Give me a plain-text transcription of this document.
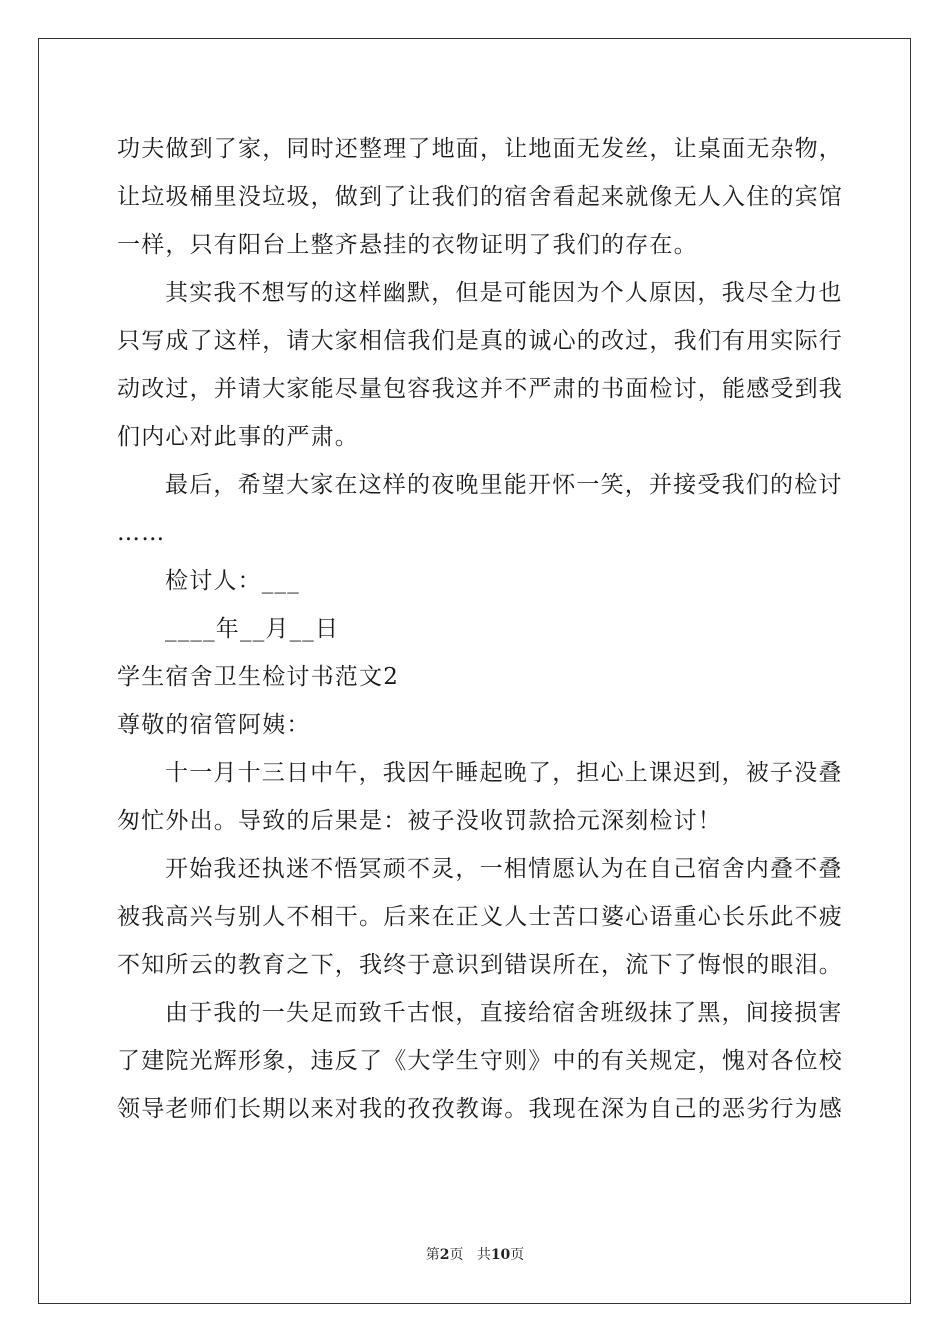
功夫做到了家，同时还整理了地面，让地面无发丝，让桌面无杂物，
让垃圾桶里没垃圾，做到了让我们的宿舍看起来就像无人入住的宾馆
一样，只有阳台上整齐悬挂的衣物证明了我们的存在。
其实我不想写的这样幽默，但是可能因为个人原因，我尽全力也
只写成了这样，请大家相信我们是真的诚心的改过，我们有用实际行
动改过，并请大家能尽量包容我这并不严肃的书面检讨，能感受到我
们内心对此事的严肃。
最后，希望大家在这样的夜晚里能开怀一笑，并接受我们的检讨
……
检讨人：___
____年__月__日
学生宿舍卫生检讨书范文2
尊敬的宿管阿姨：
十一月十三日中午，我因午睡起晚了，担心上课迟到，被子没叠
匆忙外出。导致的后果是：被子没收罚款拾元深刻检讨！
开始我还执迷不悟冥顽不灵，一相情愿认为在自己宿舍内叠不叠
被我高兴与别人不相干。后来在正义人士苦口婆心语重心长乐此不疲
不知所云的教育之下，我终于意识到错误所在，流下了悔恨的眼泪。
由于我的一失足而致千古恨，直接给宿舍班级抹了黑，间接损害
了建院光辉形象，违反了《大学生守则》中的有关规定，愧对各位校
领导老师们长期以来对我的孜孜教诲。我现在深为自己的恶劣行为感
第2页 共10页
